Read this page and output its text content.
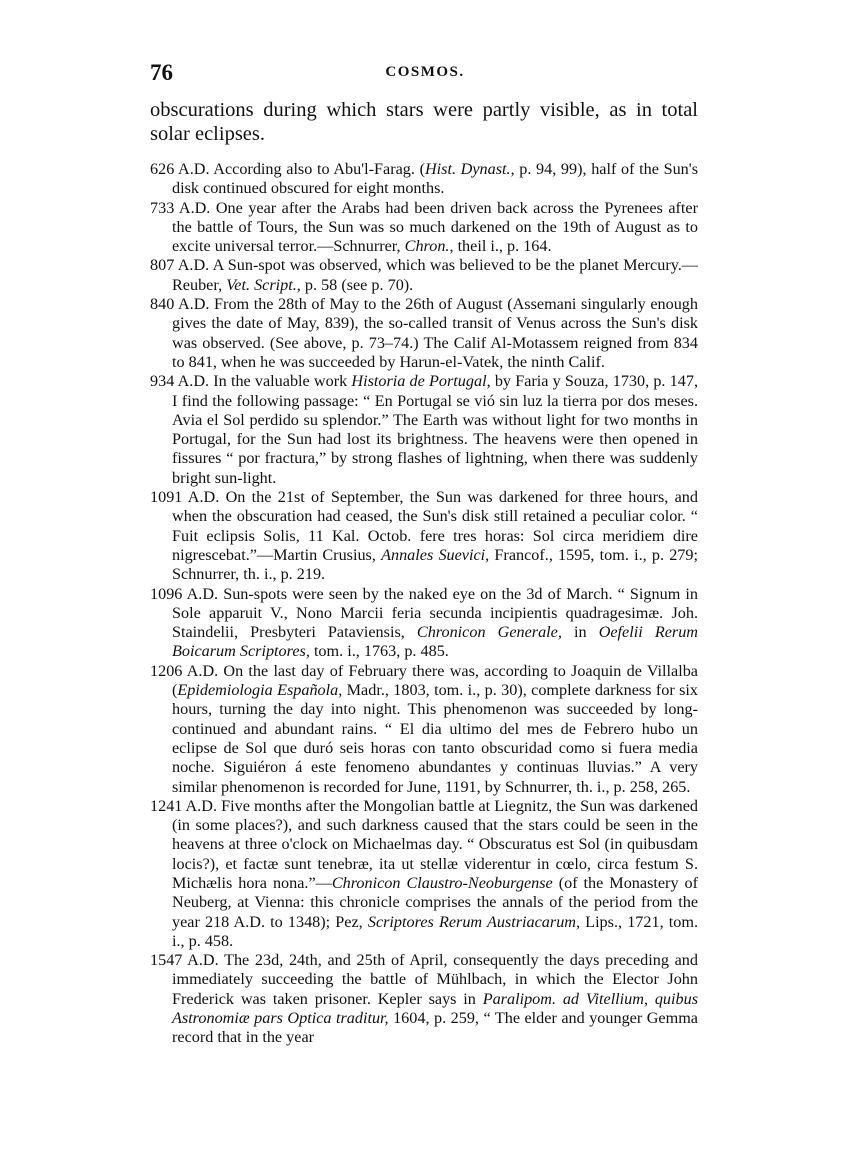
76	COSMOS.

obscurations during which stars were partly visible, as in total solar eclipses.

626 A.D. According also to Abu'l-Farag. (Hist. Dynast., p. 94, 99), half of the Sun's disk continued obscured for eight months.

733 A.D. One year after the Arabs had been driven back across the Pyrenees after the battle of Tours, the Sun was so much darkened on the 19th of August as to excite universal terror.—Schnurrer, Chron., theil i., p. 164.

807 A.D. A Sun-spot was observed, which was believed to be the planet Mercury.—Reuber, Vet. Script., p. 58 (see p. 70).

840 A.D. From the 28th of May to the 26th of August (Assemani singularly enough gives the date of May, 839), the so-called transit of Venus across the Sun's disk was observed. (See above, p. 73–74.) The Calif Al-Motassem reigned from 834 to 841, when he was succeeded by Harun-el-Vatek, the ninth Calif.

934 A.D. In the valuable work Historia de Portugal, by Faria y Souza, 1730, p. 147, I find the following passage: “ En Portugal se vió sin luz la tierra por dos meses. Avia el Sol perdido su splendor.” The Earth was without light for two months in Portugal, for the Sun had lost its brightness. The heavens were then opened in fissures “ por fractura,” by strong flashes of lightning, when there was suddenly bright sun-light.

1091 A.D. On the 21st of September, the Sun was darkened for three hours, and when the obscuration had ceased, the Sun's disk still retained a peculiar color. “ Fuit eclipsis Solis, 11 Kal. Octob. fere tres horas: Sol circa meridiem dire nigrescebat.”—Martin Crusius, Annales Suevici, Francof., 1595, tom. i., p. 279; Schnurrer, th. i., p. 219.

1096 A.D. Sun-spots were seen by the naked eye on the 3d of March. “ Signum in Sole apparuit V., Nono Marcii feria secunda incipientis quadragesimæ. Joh. Staindelii, Presbyteri Pataviensis, Chronicon Generale, in Oefelii Rerum Boicarum Scriptores, tom. i., 1763, p. 485.

1206 A.D. On the last day of February there was, according to Joaquin de Villalba (Epidemiologia Española, Madr., 1803, tom. i., p. 30), complete darkness for six hours, turning the day into night. This phenomenon was succeeded by long-continued and abundant rains. “ El dia ultimo del mes de Febrero hubo un eclipse de Sol que duró seis horas con tanto obscuridad como si fuera media noche. Siguiéron á este fenomeno abundantes y continuas lluvias.” A very similar phenomenon is recorded for June, 1191, by Schnurrer, th. i., p. 258, 265.

1241 A.D. Five months after the Mongolian battle at Liegnitz, the Sun was darkened (in some places?), and such darkness caused that the stars could be seen in the heavens at three o'clock on Michaelmas day. “ Obscuratus est Sol (in quibusdam locis?), et factæ sunt tenebræ, ita ut stellæ viderentur in cœlo, circa festum S. Michælis hora nona.”—Chronicon Claustro-Neoburgense (of the Monastery of Neuberg, at Vienna: this chronicle comprises the annals of the period from the year 218 A.D. to 1348); Pez, Scriptores Rerum Austriacarum, Lips., 1721, tom. i., p. 458.

1547 A.D. The 23d, 24th, and 25th of April, consequently the days preceding and immediately succeeding the battle of Mühlbach, in which the Elector John Frederick was taken prisoner. Kepler says in Paralipom. ad Vitellium, quibus Astronomiæ pars Optica traditur, 1604, p. 259, “ The elder and younger Gemma record that in the year
